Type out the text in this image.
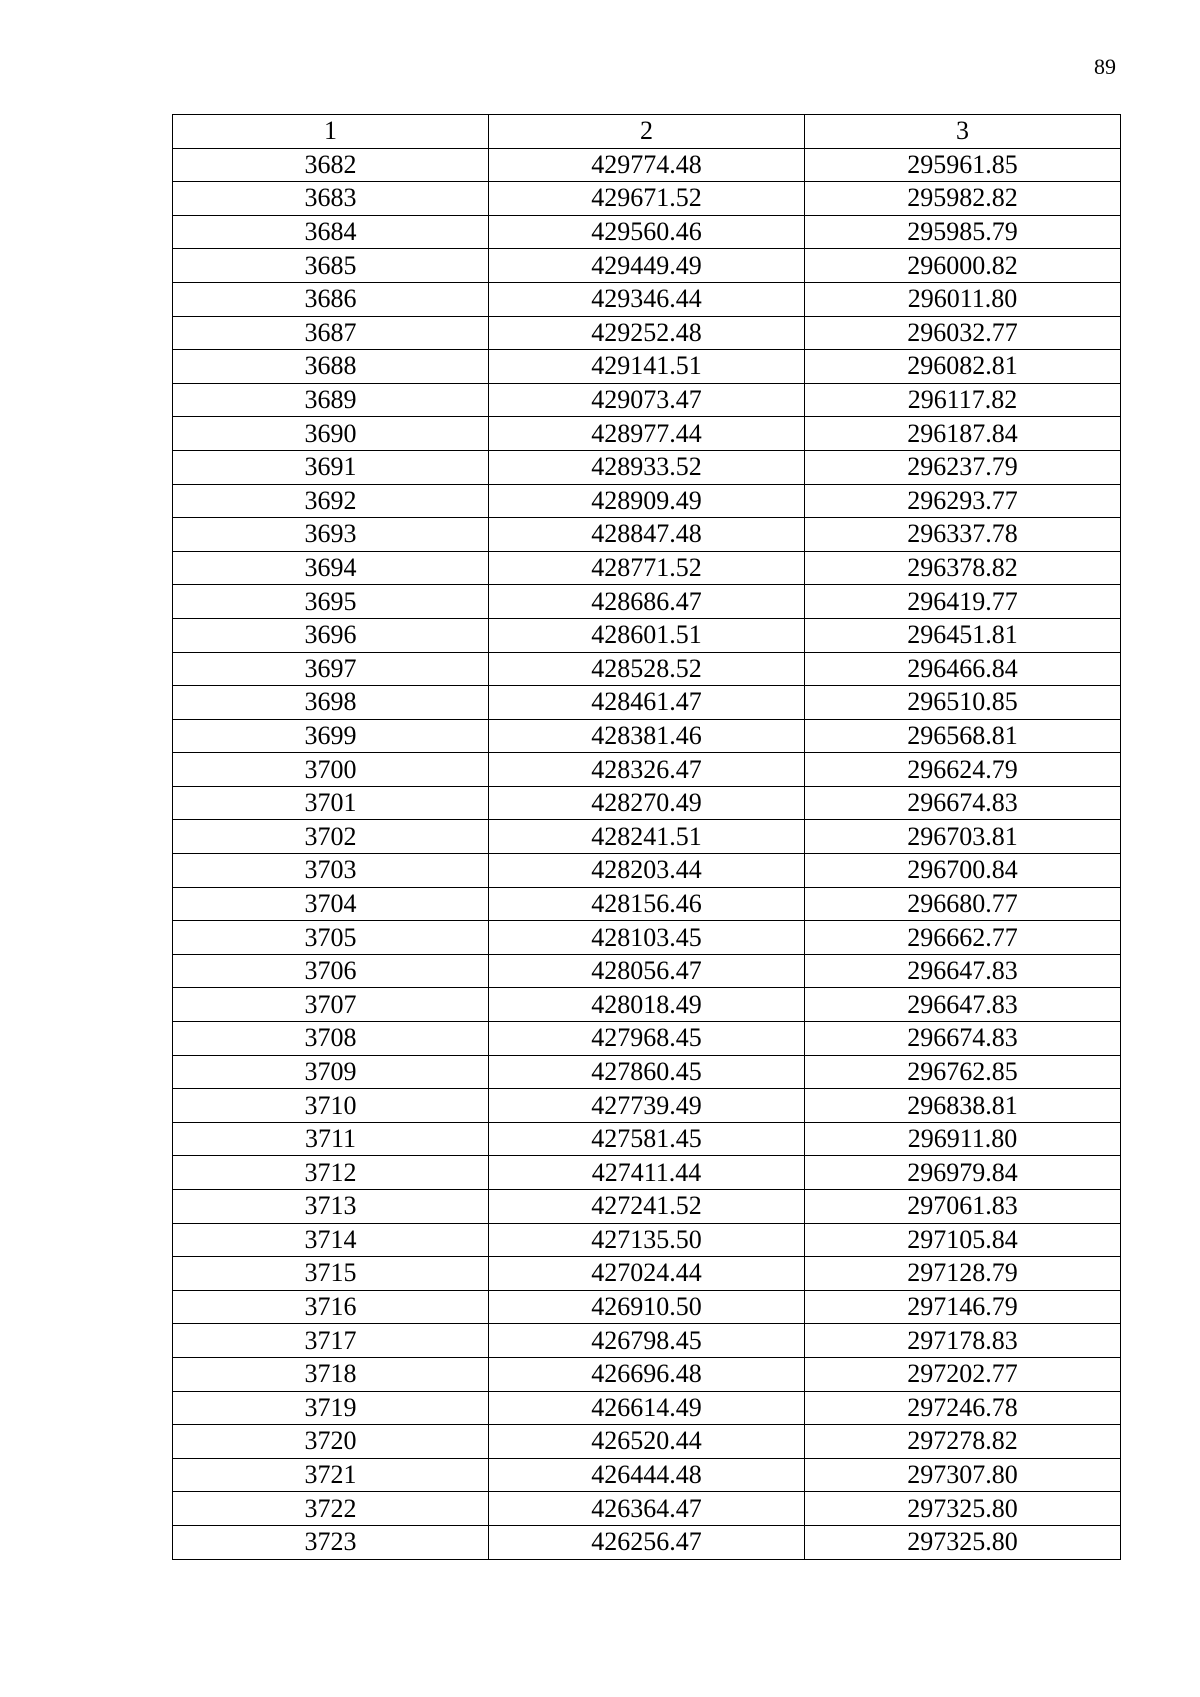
89
1	2	3
3682	429774.48	295961.85
3683	429671.52	295982.82
3684	429560.46	295985.79
3685	429449.49	296000.82
3686	429346.44	296011.80
3687	429252.48	296032.77
3688	429141.51	296082.81
3689	429073.47	296117.82
3690	428977.44	296187.84
3691	428933.52	296237.79
3692	428909.49	296293.77
3693	428847.48	296337.78
3694	428771.52	296378.82
3695	428686.47	296419.77
3696	428601.51	296451.81
3697	428528.52	296466.84
3698	428461.47	296510.85
3699	428381.46	296568.81
3700	428326.47	296624.79
3701	428270.49	296674.83
3702	428241.51	296703.81
3703	428203.44	296700.84
3704	428156.46	296680.77
3705	428103.45	296662.77
3706	428056.47	296647.83
3707	428018.49	296647.83
3708	427968.45	296674.83
3709	427860.45	296762.85
3710	427739.49	296838.81
3711	427581.45	296911.80
3712	427411.44	296979.84
3713	427241.52	297061.83
3714	427135.50	297105.84
3715	427024.44	297128.79
3716	426910.50	297146.79
3717	426798.45	297178.83
3718	426696.48	297202.77
3719	426614.49	297246.78
3720	426520.44	297278.82
3721	426444.48	297307.80
3722	426364.47	297325.80
3723	426256.47	297325.80
